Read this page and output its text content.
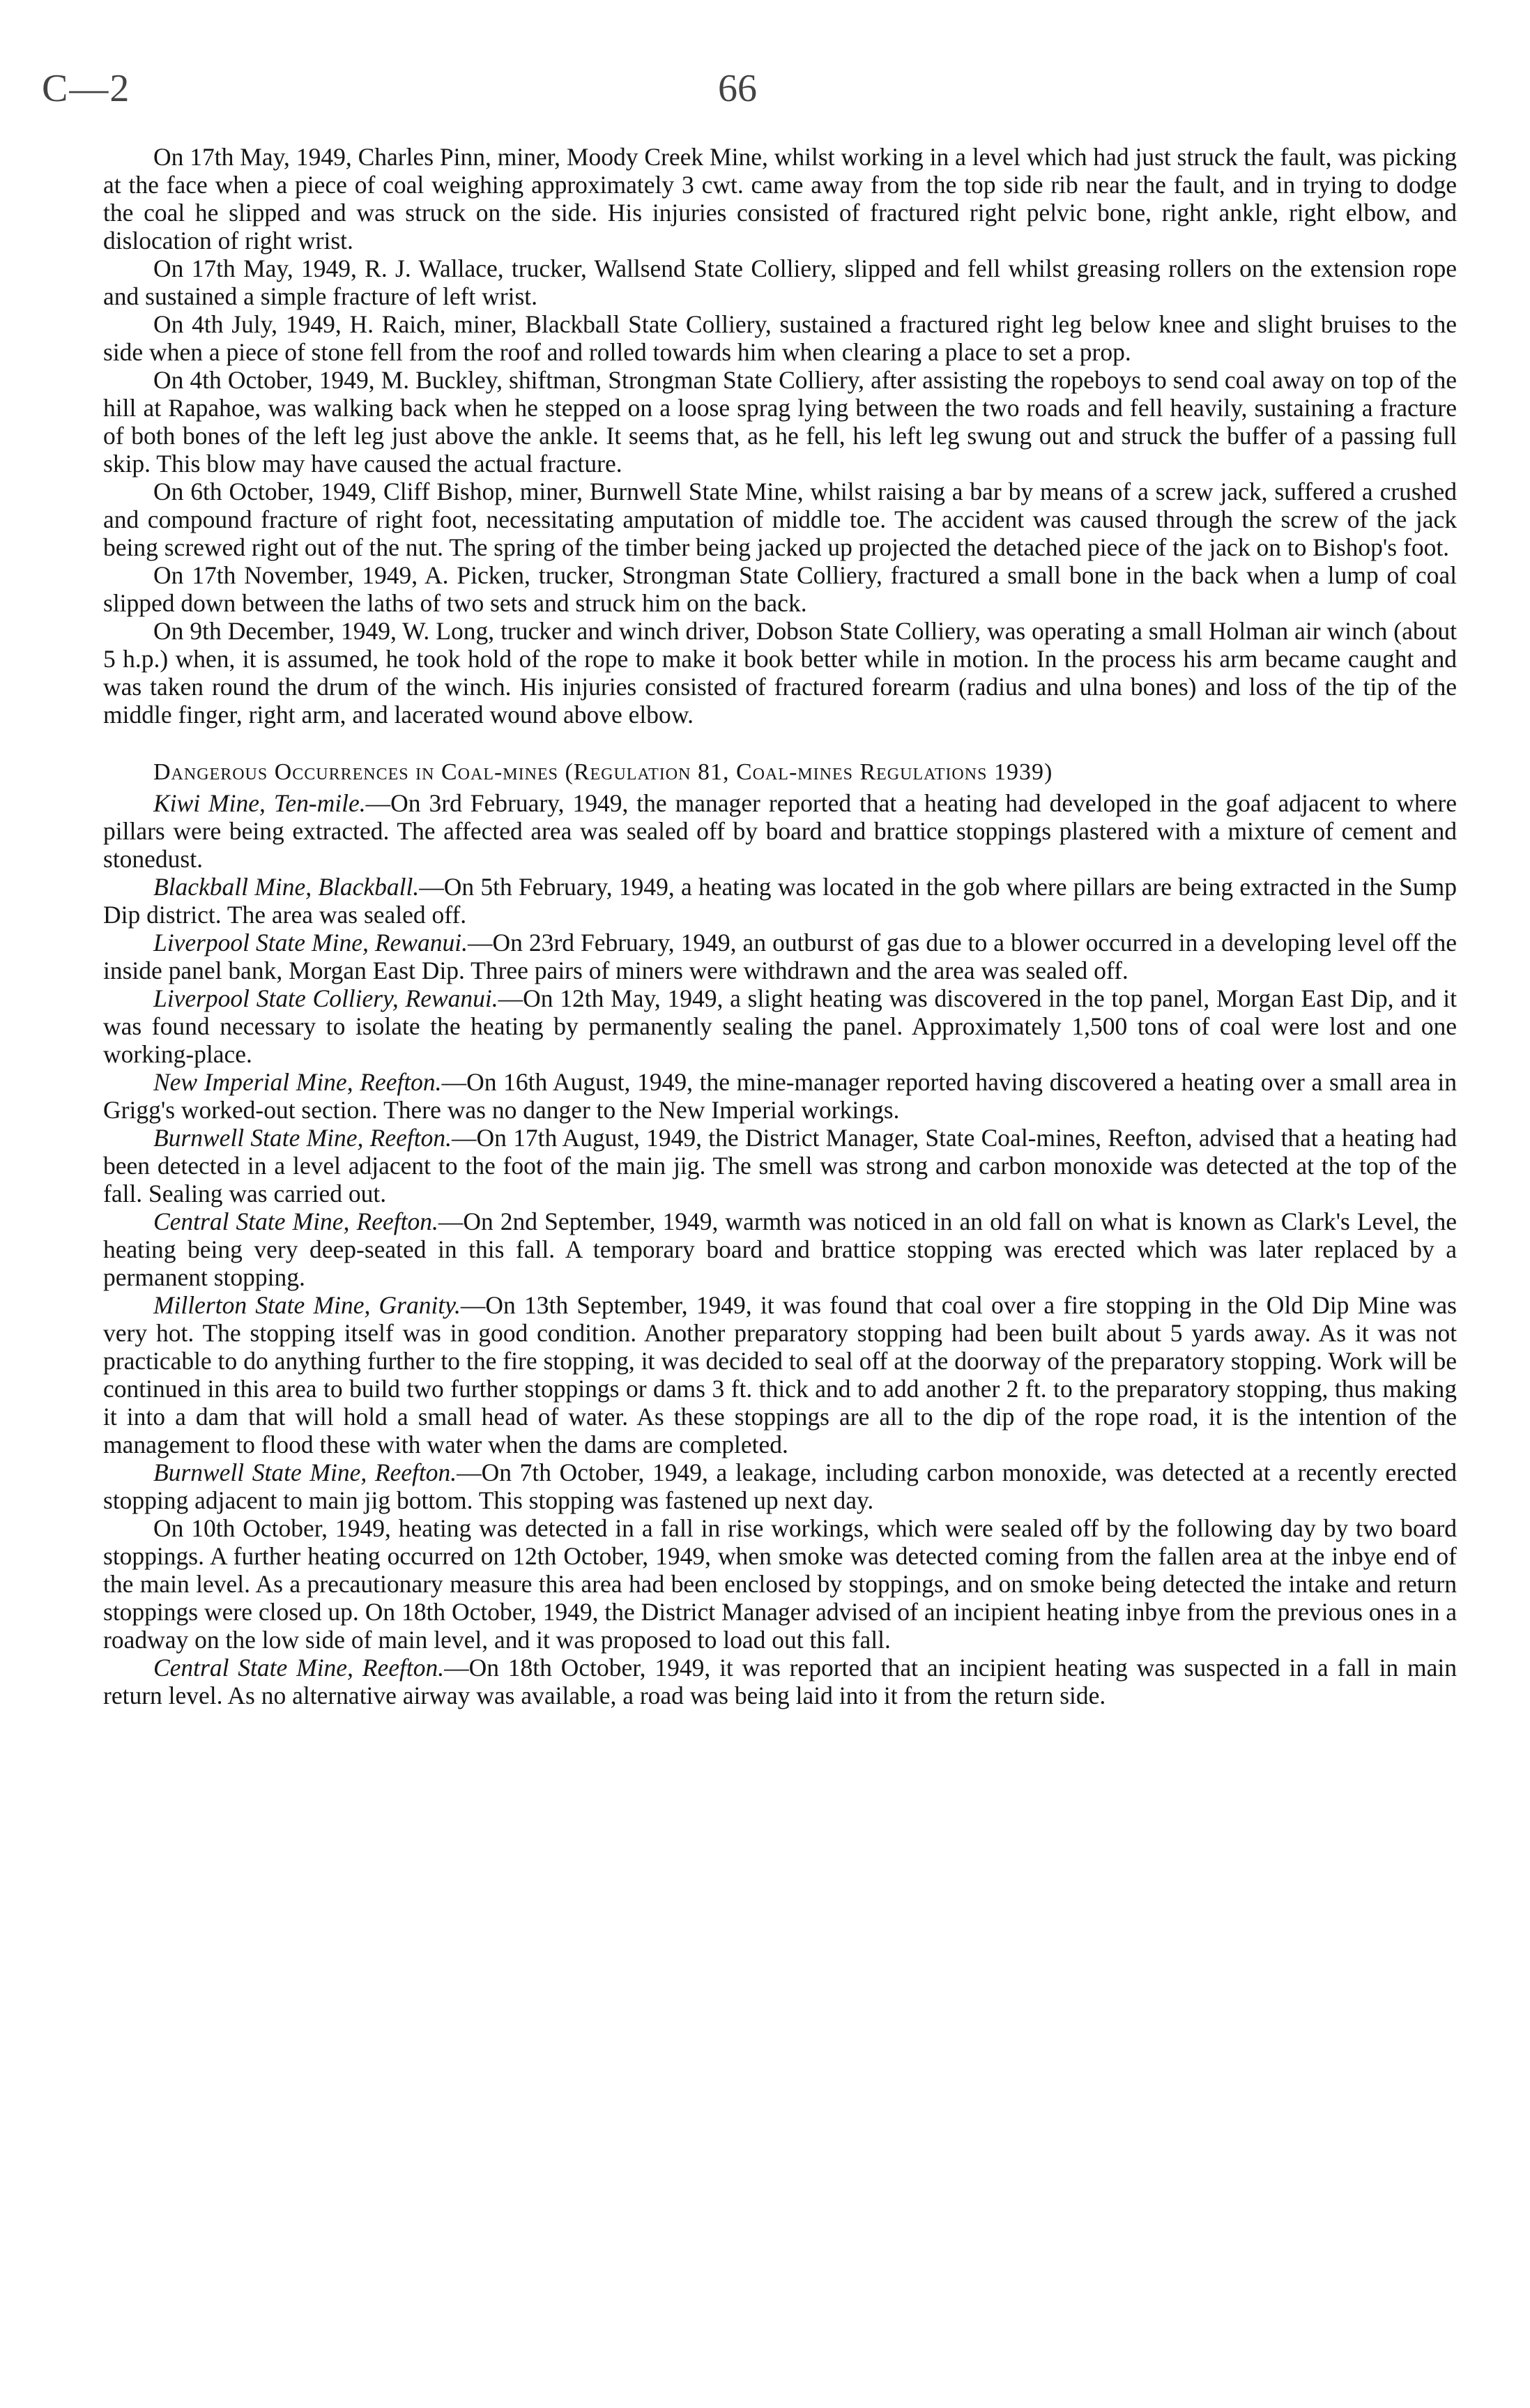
C—2	66

On 17th May, 1949, Charles Pinn, miner, Moody Creek Mine, whilst working in a level which had just struck the fault, was picking at the face when a piece of coal weighing approximately 3 cwt. came away from the top side rib near the fault, and in trying to dodge the coal he slipped and was struck on the side. His injuries consisted of fractured right pelvic bone, right ankle, right elbow, and dislocation of right wrist.

On 17th May, 1949, R. J. Wallace, trucker, Wallsend State Colliery, slipped and fell whilst greasing rollers on the extension rope and sustained a simple fracture of left wrist.

On 4th July, 1949, H. Raich, miner, Blackball State Colliery, sustained a fractured right leg below knee and slight bruises to the side when a piece of stone fell from the roof and rolled towards him when clearing a place to set a prop.

On 4th October, 1949, M. Buckley, shiftman, Strongman State Colliery, after assisting the ropeboys to send coal away on top of the hill at Rapahoe, was walking back when he stepped on a loose sprag lying between the two roads and fell heavily, sustaining a fracture of both bones of the left leg just above the ankle. It seems that, as he fell, his left leg swung out and struck the buffer of a passing full skip. This blow may have caused the actual fracture.

On 6th October, 1949, Cliff Bishop, miner, Burnwell State Mine, whilst raising a bar by means of a screw jack, suffered a crushed and compound fracture of right foot, necessitating amputation of middle toe. The accident was caused through the screw of the jack being screwed right out of the nut. The spring of the timber being jacked up projected the detached piece of the jack on to Bishop's foot.

On 17th November, 1949, A. Picken, trucker, Strongman State Colliery, fractured a small bone in the back when a lump of coal slipped down between the laths of two sets and struck him on the back.

On 9th December, 1949, W. Long, trucker and winch driver, Dobson State Colliery, was operating a small Holman air winch (about 5 h.p.) when, it is assumed, he took hold of the rope to make it book better while in motion. In the process his arm became caught and was taken round the drum of the winch. His injuries consisted of fractured forearm (radius and ulna bones) and loss of the tip of the middle finger, right arm, and lacerated wound above elbow.

Dangerous Occurrences in Coal-mines (Regulation 81, Coal-mines Regulations 1939)

Kiwi Mine, Ten-mile.—On 3rd February, 1949, the manager reported that a heating had developed in the goaf adjacent to where pillars were being extracted. The affected area was sealed off by board and brattice stoppings plastered with a mixture of cement and stonedust.

Blackball Mine, Blackball.—On 5th February, 1949, a heating was located in the gob where pillars are being extracted in the Sump Dip district. The area was sealed off.

Liverpool State Mine, Rewanui.—On 23rd February, 1949, an outburst of gas due to a blower occurred in a developing level off the inside panel bank, Morgan East Dip. Three pairs of miners were withdrawn and the area was sealed off.

Liverpool State Colliery, Rewanui.—On 12th May, 1949, a slight heating was discovered in the top panel, Morgan East Dip, and it was found necessary to isolate the heating by permanently sealing the panel. Approximately 1,500 tons of coal were lost and one working-place.

New Imperial Mine, Reefton.—On 16th August, 1949, the mine-manager reported having discovered a heating over a small area in Grigg's worked-out section. There was no danger to the New Imperial workings.

Burnwell State Mine, Reefton.—On 17th August, 1949, the District Manager, State Coal-mines, Reefton, advised that a heating had been detected in a level adjacent to the foot of the main jig. The smell was strong and carbon monoxide was detected at the top of the fall. Sealing was carried out.

Central State Mine, Reefton.—On 2nd September, 1949, warmth was noticed in an old fall on what is known as Clark's Level, the heating being very deep-seated in this fall. A temporary board and brattice stopping was erected which was later replaced by a permanent stopping.

Millerton State Mine, Granity.—On 13th September, 1949, it was found that coal over a fire stopping in the Old Dip Mine was very hot. The stopping itself was in good condition. Another preparatory stopping had been built about 5 yards away. As it was not practicable to do anything further to the fire stopping, it was decided to seal off at the doorway of the preparatory stopping. Work will be continued in this area to build two further stoppings or dams 3 ft. thick and to add another 2 ft. to the preparatory stopping, thus making it into a dam that will hold a small head of water. As these stoppings are all to the dip of the rope road, it is the intention of the management to flood these with water when the dams are completed.

Burnwell State Mine, Reefton.—On 7th October, 1949, a leakage, including carbon monoxide, was detected at a recently erected stopping adjacent to main jig bottom. This stopping was fastened up next day.

On 10th October, 1949, heating was detected in a fall in rise workings, which were sealed off by the following day by two board stoppings. A further heating occurred on 12th October, 1949, when smoke was detected coming from the fallen area at the inbye end of the main level. As a precautionary measure this area had been enclosed by stoppings, and on smoke being detected the intake and return stoppings were closed up. On 18th October, 1949, the District Manager advised of an incipient heating inbye from the previous ones in a roadway on the low side of main level, and it was proposed to load out this fall.

Central State Mine, Reefton.—On 18th October, 1949, it was reported that an incipient heating was suspected in a fall in main return level. As no alternative airway was available, a road was being laid into it from the return side.
